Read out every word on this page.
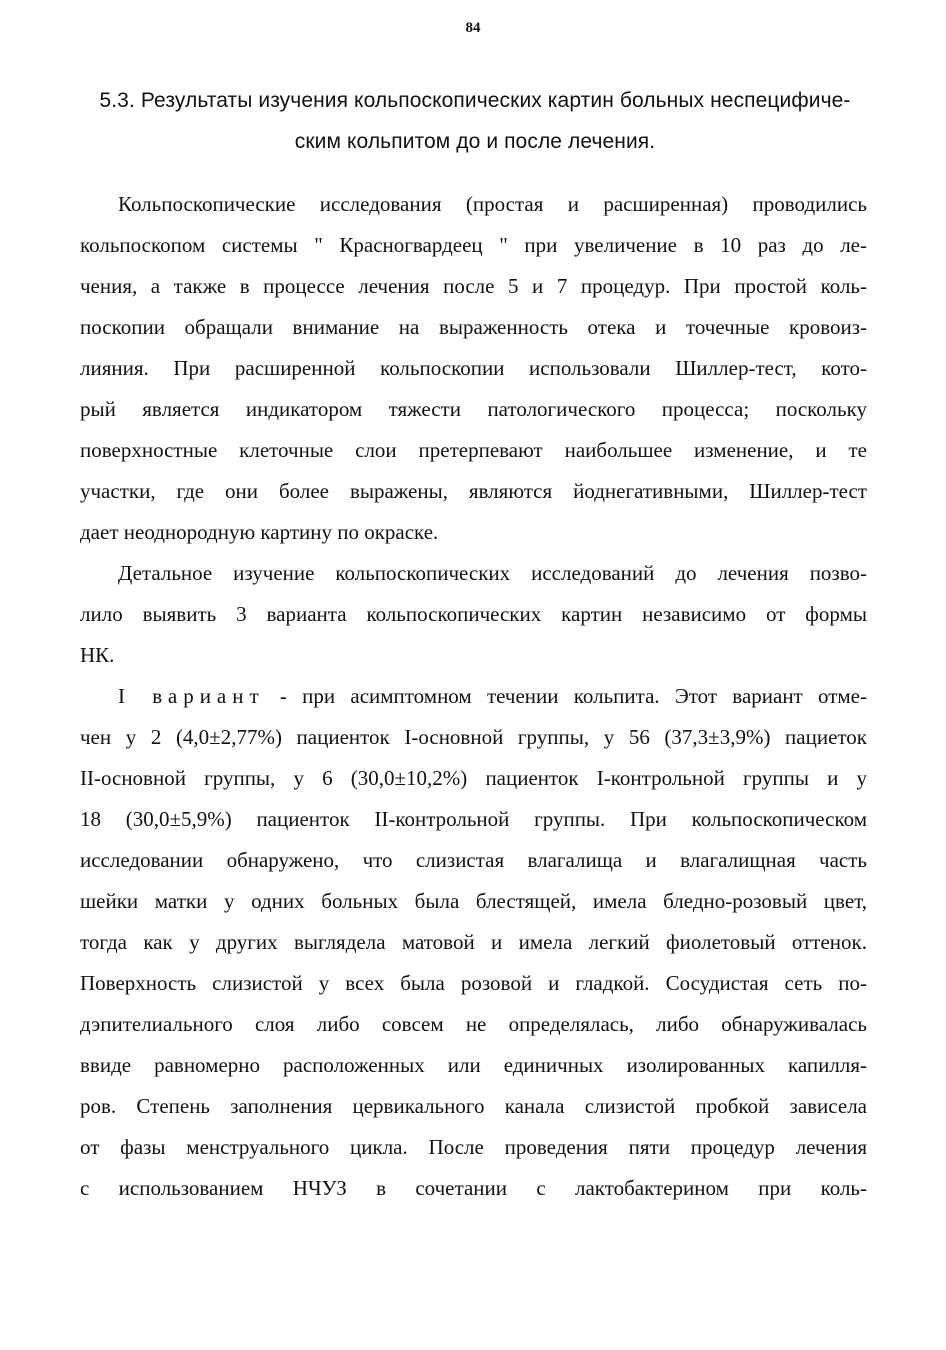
84
5.3. Результаты изучения кольпоскопических картин больных неспецифиче-
ским кольпитом до и после лечения.

Кольпоскопические исследования (простая и расширенная) проводились
кольпоскопом системы " Красногвардеец " при увеличение в 10 раз до ле-
чения, а также в процессе лечения после 5 и 7 процедур. При простой коль-
поскопии обращали внимание на выраженность отека и точечные кровоиз-
лияния. При расширенной кольпоскопии использовали Шиллер-тест, кото-
рый является индикатором тяжести патологического процесса; поскольку
поверхностные клеточные слои претерпевают наибольшее изменение, и те
участки, где они более выражены, являются йоднегативными, Шиллер-тест
дает неоднородную картину по окраске.

Детальное изучение кольпоскопических исследований до лечения позво-
лило выявить 3 варианта кольпоскопических картин независимо от формы
НК.

I вариант - при асимптомном течении кольпита. Этот вариант отме-
чен у 2 (4,0±2,77%) пациенток I-основной группы, у 56 (37,3±3,9%) пациеток
II-основной группы, у 6 (30,0±10,2%) пациенток I-контрольной группы и у
18 (30,0±5,9%) пациенток II-контрольной группы. При кольпоскопическом
исследовании обнаружено, что слизистая влагалища и влагалищная часть
шейки матки у одних больных была блестящей, имела бледно-розовый цвет,
тогда как у других выглядела матовой и имела легкий фиолетовый оттенок.
Поверхность слизистой у всех была розовой и гладкой. Сосудистая сеть по-
дэпителиального слоя либо совсем не определялась, либо обнаруживалась
ввиде равномерно расположенных или единичных изолированных капилля-
ров. Степень заполнения цервикального канала слизистой пробкой зависела
от фазы менструального цикла. После проведения пяти процедур лечения
с использованием НЧУЗ в сочетании с лактобактерином при коль-
